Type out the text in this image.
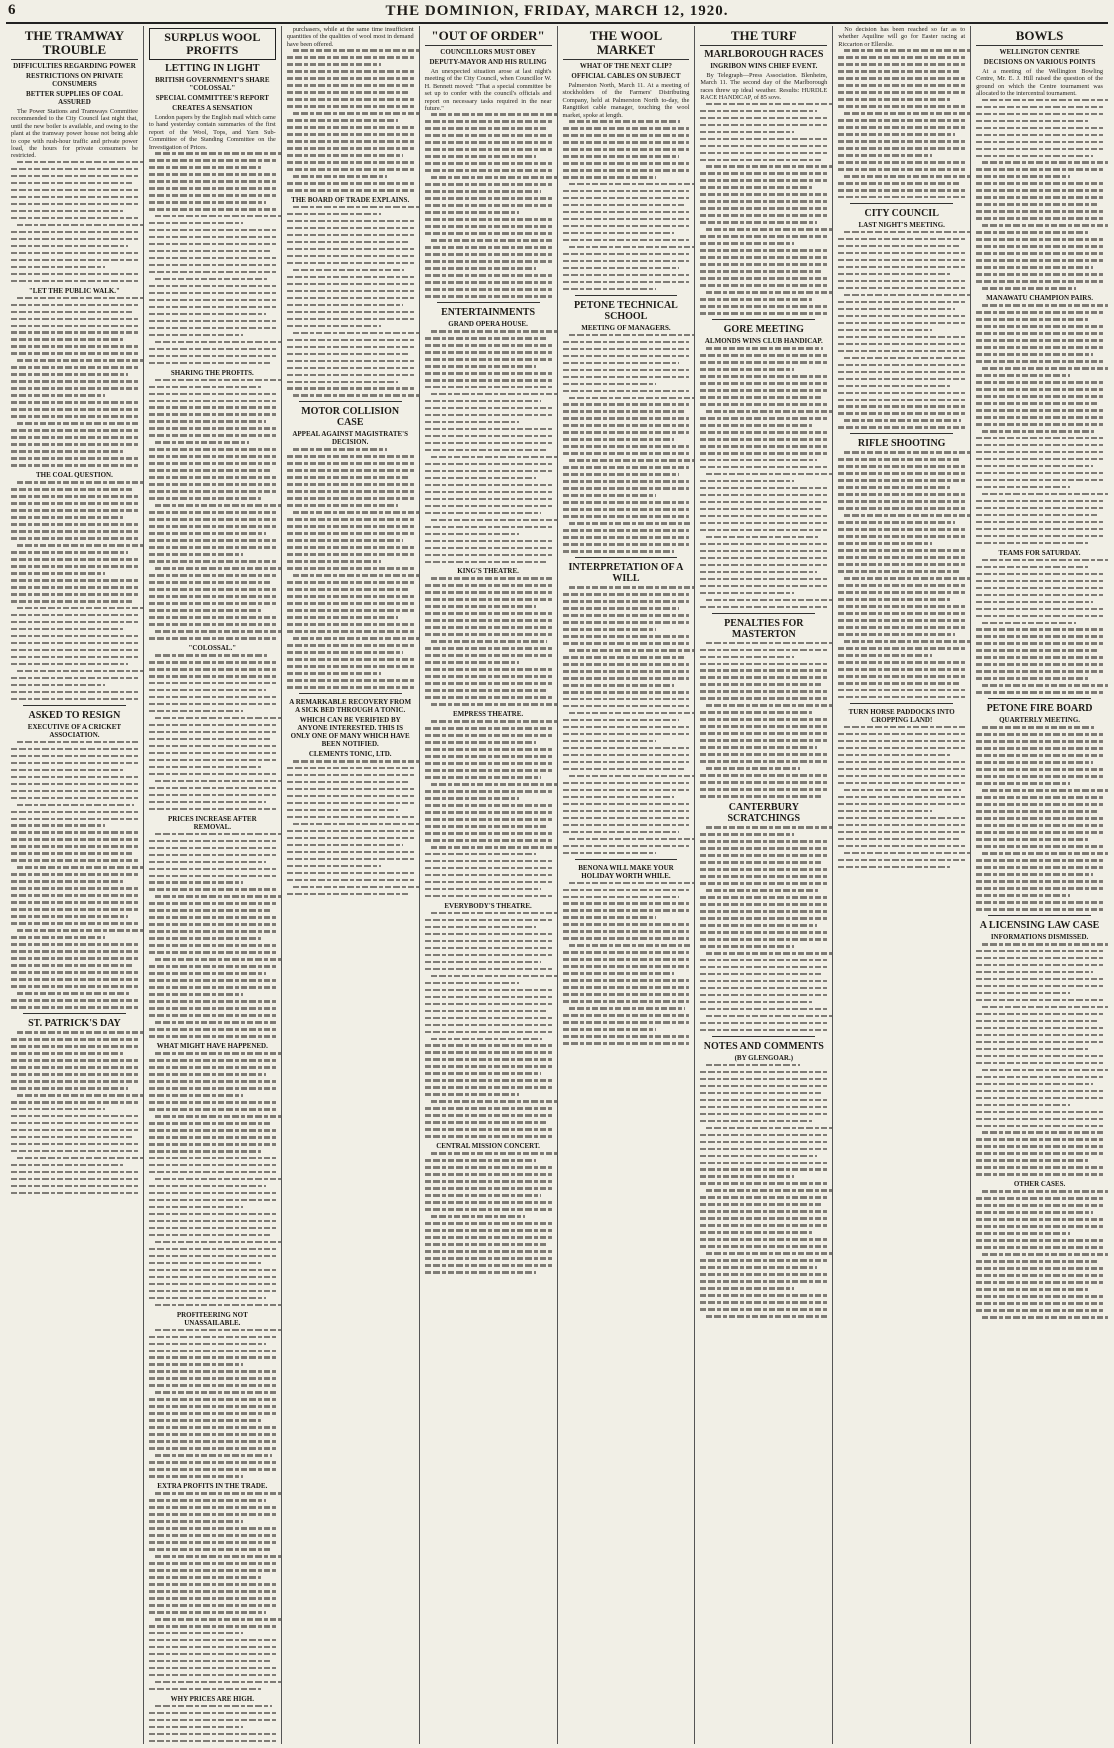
6	THE DOMINION, FRIDAY, MARCH 12, 1920.
THE TRAMWAY TROUBLE
DIFFICULTIES REGARDING POWER
RESTRICTIONS ON PRIVATE CONSUMERS
BETTER SUPPLIES OF COAL ASSURED

The Power Stations and Tramways Committee recommended to the City Council last night that, until the new boiler is available, and owing to the plant at the tramway power house not being able to cope with rush-hour traffic and private power load, the hours for private consumers be restricted.

"LET THE PUBLIC WALK."
THE COAL QUESTION.
ASKED TO RESIGN
EXECUTIVE OF A CRICKET ASSOCIATION.
ST. PATRICK'S DAY
SURPLUS WOOL PROFITS
LETTING IN LIGHT
BRITISH GOVERNMENT'S SHARE "COLOSSAL"
SPECIAL COMMITTEE'S REPORT
CREATES A SENSATION

London papers by the English mail which came to hand yesterday contain summaries of the first report of the Wool, Tops, and Yarn Sub-Committee of the Standing Committee on the Investigation of Prices.

SHARING THE PROFITS.
"COLOSSAL."
PRICES INCREASE AFTER REMOVAL.
WHAT MIGHT HAVE HAPPENED.
PROFITEERING NOT UNASSAILABLE.
EXTRA PROFITS IN THE TRADE.
WHY PRICES ARE HIGH.

purchasers, while at the same time insufficient quantities of the qualities of wool most in demand have been offered.

THE BOARD OF TRADE EXPLAINS.
MOTOR COLLISION CASE
APPEAL AGAINST MAGISTRATE'S DECISION.
A REMARKABLE RECOVERY FROM A SICK BED THROUGH A TONIC.
WHICH CAN BE VERIFIED BY ANYONE INTERESTED. THIS IS ONLY ONE OF MANY WHICH HAVE BEEN NOTIFIED.
CLEMENTS TONIC, LTD.
"OUT OF ORDER"
COUNCILLORS MUST OBEY
DEPUTY-MAYOR AND HIS RULING

An unexpected situation arose at last night's meeting of the City Council, when Councillor W. H. Bennett moved: "That a special committee be set up to confer with the council's officials and report on necessary tasks required in the near future."

ENTERTAINMENTS
GRAND OPERA HOUSE.
KING'S THEATRE.
EMPRESS THEATRE.
EVERYBODY'S THEATRE.
CENTRAL MISSION CONCERT.
THE WOOL MARKET
WHAT OF THE NEXT CLIP?
OFFICIAL CABLES ON SUBJECT

Palmerston North, March 11. At a meeting of stockholders of the Farmers' Distributing Company, held at Palmerston North to-day, the Rangitikei cable manager, touching the wool market, spoke at length.

PETONE TECHNICAL SCHOOL
MEETING OF MANAGERS.
INTERPRETATION OF A WILL
BENONA WILL MAKE YOUR HOLIDAY WORTH WHILE.
THE TURF
MARLBOROUGH RACES
INGRIBON WINS CHIEF EVENT.

By Telegraph—Press Association. Blenheim, March 11. The second day of the Marlborough races threw up ideal weather. Results: HURDLE RACE HANDICAP, of 85 sovs.

GORE MEETING
ALMONDS WINS CLUB HANDICAP.
PENALTIES FOR MASTERTON
CANTERBURY SCRATCHINGS
NOTES AND COMMENTS
(BY GLENGOAR.)

No decision has been reached so far as to whether Aquiline will go for Easter racing at Riccarton or Ellerslie.

CITY COUNCIL
LAST NIGHT'S MEETING.
RIFLE SHOOTING
TURN HORSE PADDOCKS INTO CROPPING LAND!
BOWLS
WELLINGTON CENTRE
DECISIONS ON VARIOUS POINTS

At a meeting of the Wellington Bowling Centre, Mr. E. J. Hill raised the question of the ground on which the Centre tournament was allocated to the intercentral tournament.

MANAWATU CHAMPION PAIRS.
TEAMS FOR SATURDAY.
PETONE FIRE BOARD
QUARTERLY MEETING.
A LICENSING LAW CASE
INFORMATIONS DISMISSED.
OTHER CASES.
